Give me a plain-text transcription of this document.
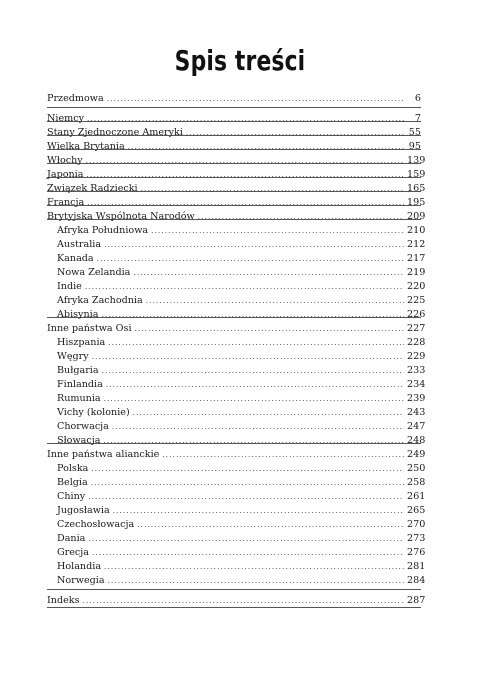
Spis treści
Przedmowa .....	6
Niemcy .....	7
Stany Zjednoczone Ameryki .....	55
Wielka Brytania .....	95
Włochy .....	139
Japonia .....	159
Związek Radziecki .....	165
Francja .....	195
Brytyjska Wspólnota Narodów .....	209
Afryka Południowa .....	210
Australia .....	212
Kanada .....	217
Nowa Zelandia .....	219
Indie .....	220
Afryka Zachodnia .....	225
Abisynia .....	226
Inne państwa Osi .....	227
Hiszpania .....	228
Węgry .....	229
Bułgaria .....	233
Finlandia .....	234
Rumunia .....	239
Vichy (kolonie) .....	243
Chorwacja .....	247
Słowacja .....	248
Inne państwa alianckie .....	249
Polska .....	250
Belgia .....	258
Chiny .....	261
Jugosławia .....	265
Czechosłowacja .....	270
Dania .....	273
Grecja .....	276
Holandia .....	281
Norwegia .....	284
Indeks .....	287
